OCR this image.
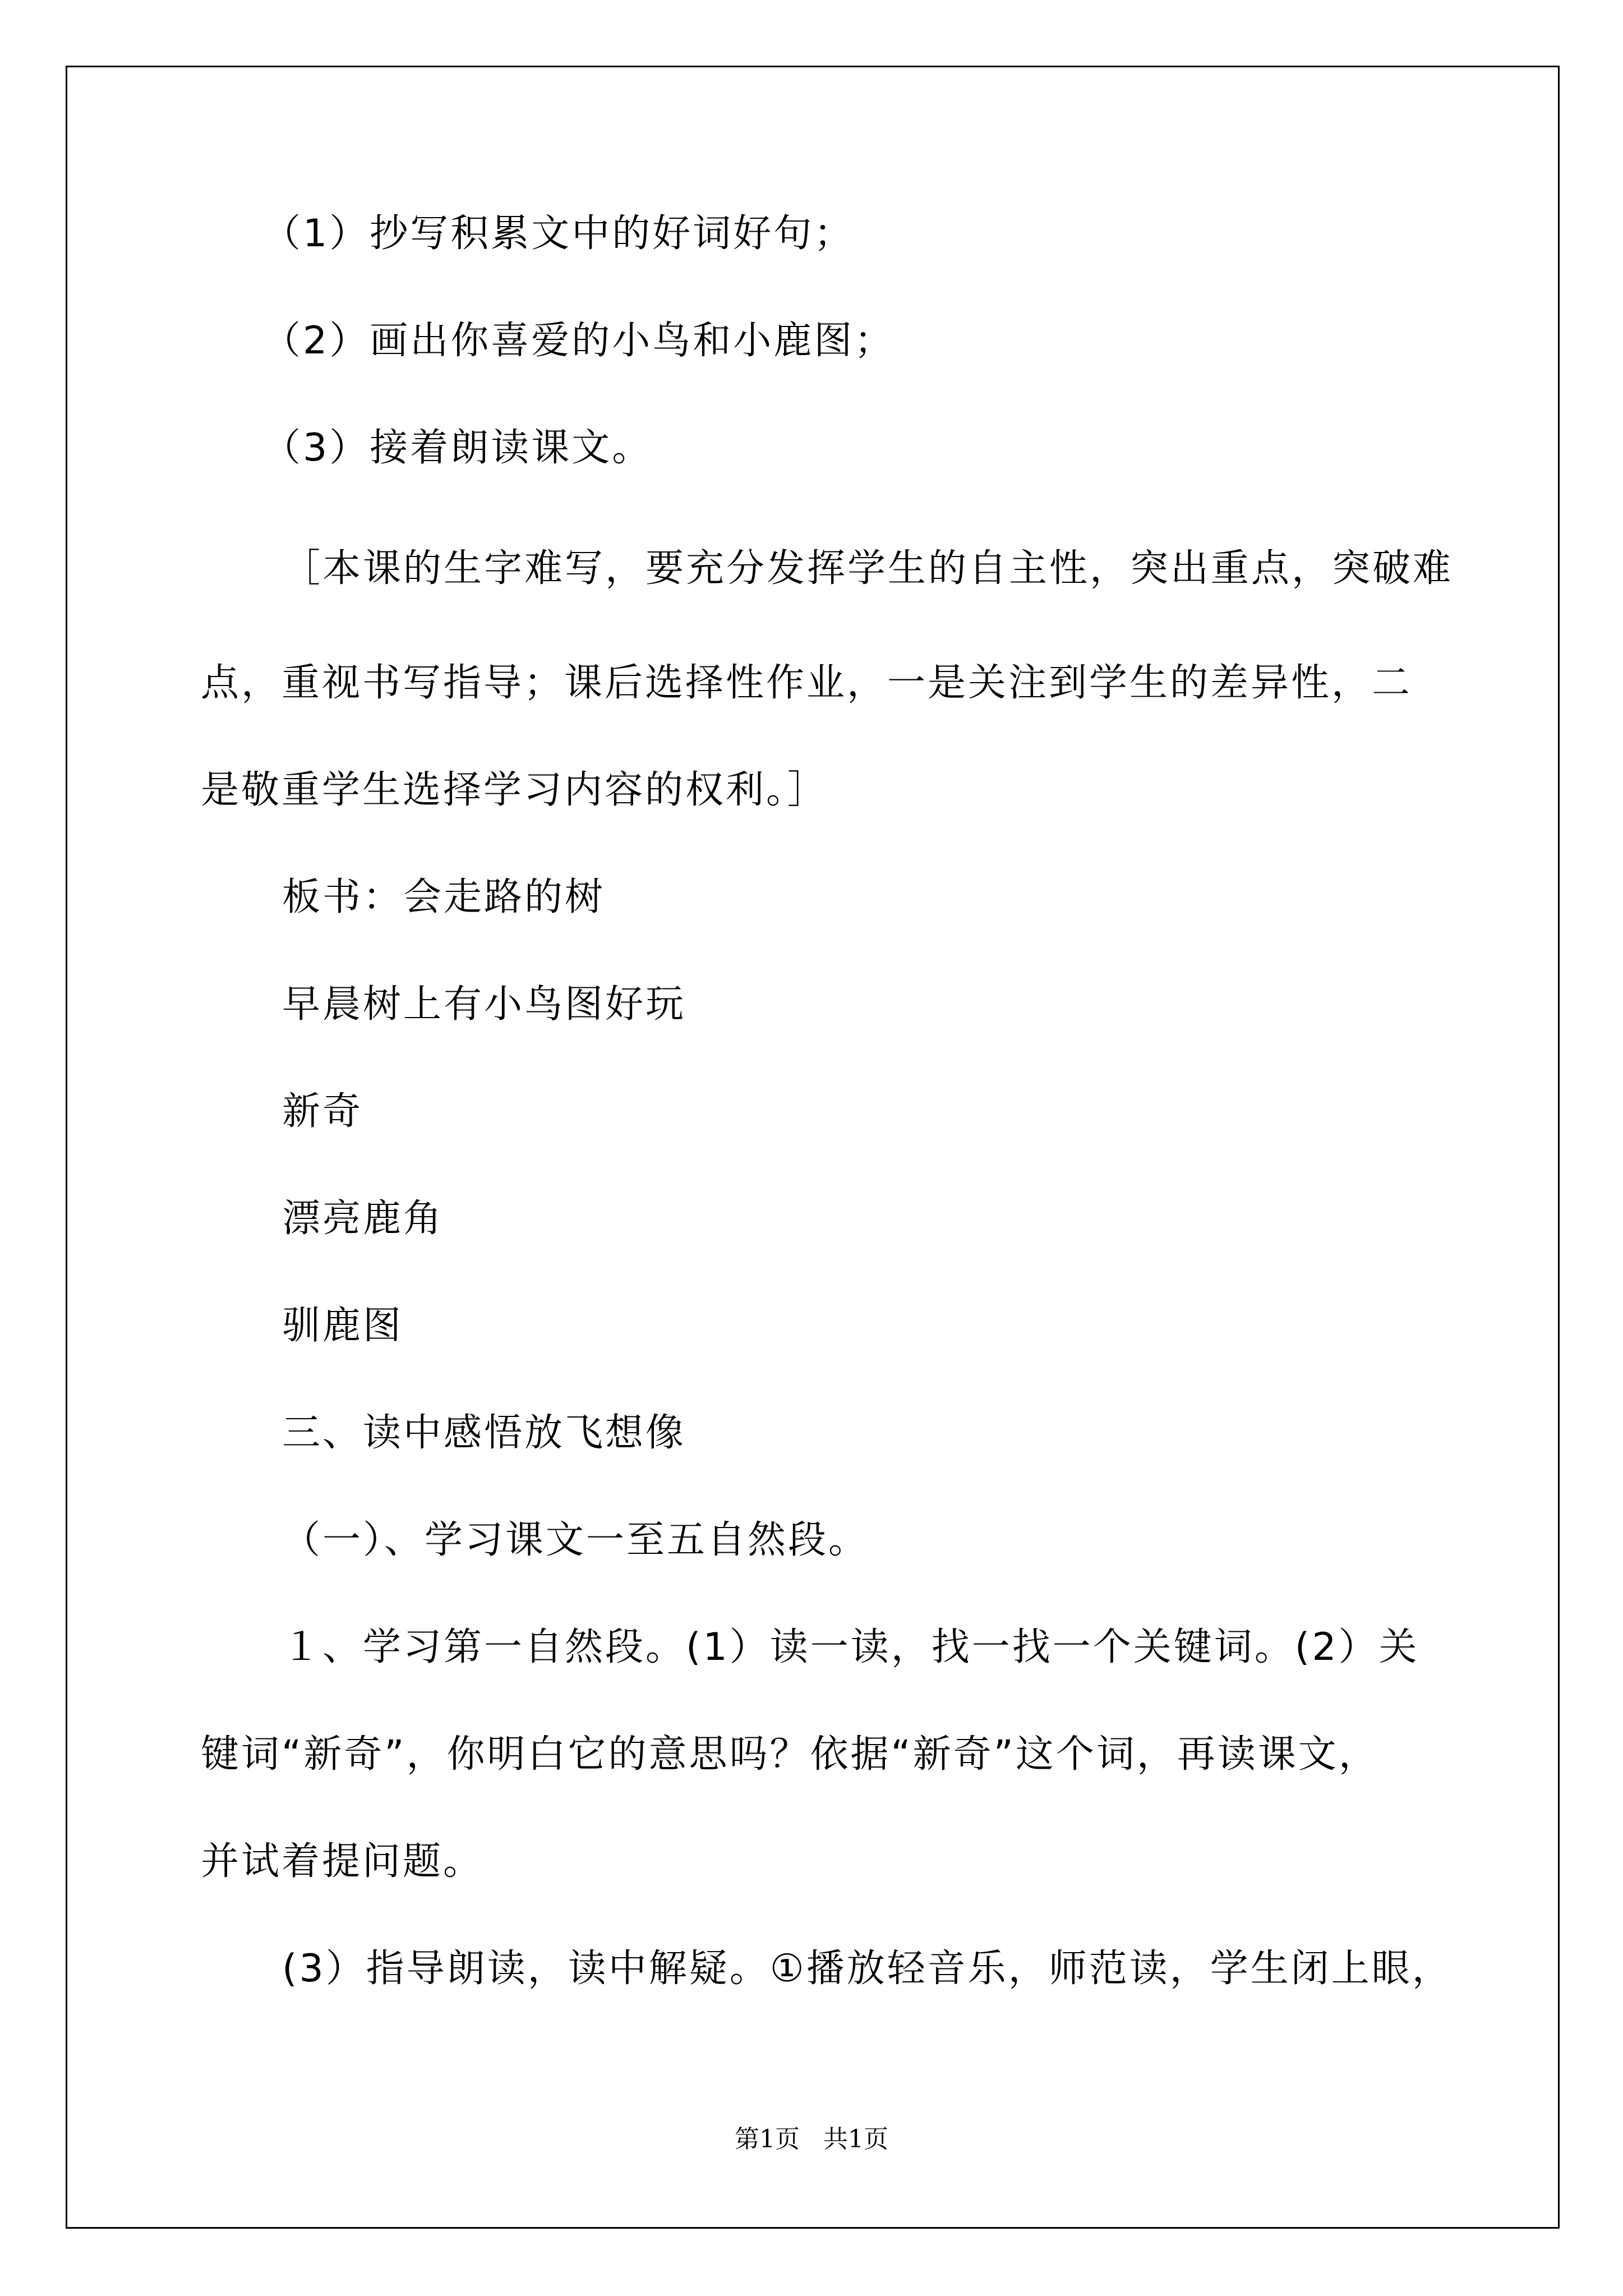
（1）抄写积累文中的好词好句；
（2）画出你喜爱的小鸟和小鹿图；
（3）接着朗读课文。
［本课的生字难写，要充分发挥学生的自主性，突出重点，突破难
点，重视书写指导；课后选择性作业，一是关注到学生的差异性，二
是敬重学生选择学习内容的权利。］
板书：会走路的树
早晨树上有小鸟图好玩
新奇
漂亮鹿角
驯鹿图
三、读中感悟放飞想像
（一）、学习课文一至五自然段。
１、学习第一自然段。(1）读一读，找一找一个关键词。(2）关
键词“新奇”，你明白它的意思吗？依据“新奇”这个词，再读课文，
并试着提问题。
(3）指导朗读，读中解疑。①播放轻音乐，师范读，学生闭上眼，
第1页   共1页
